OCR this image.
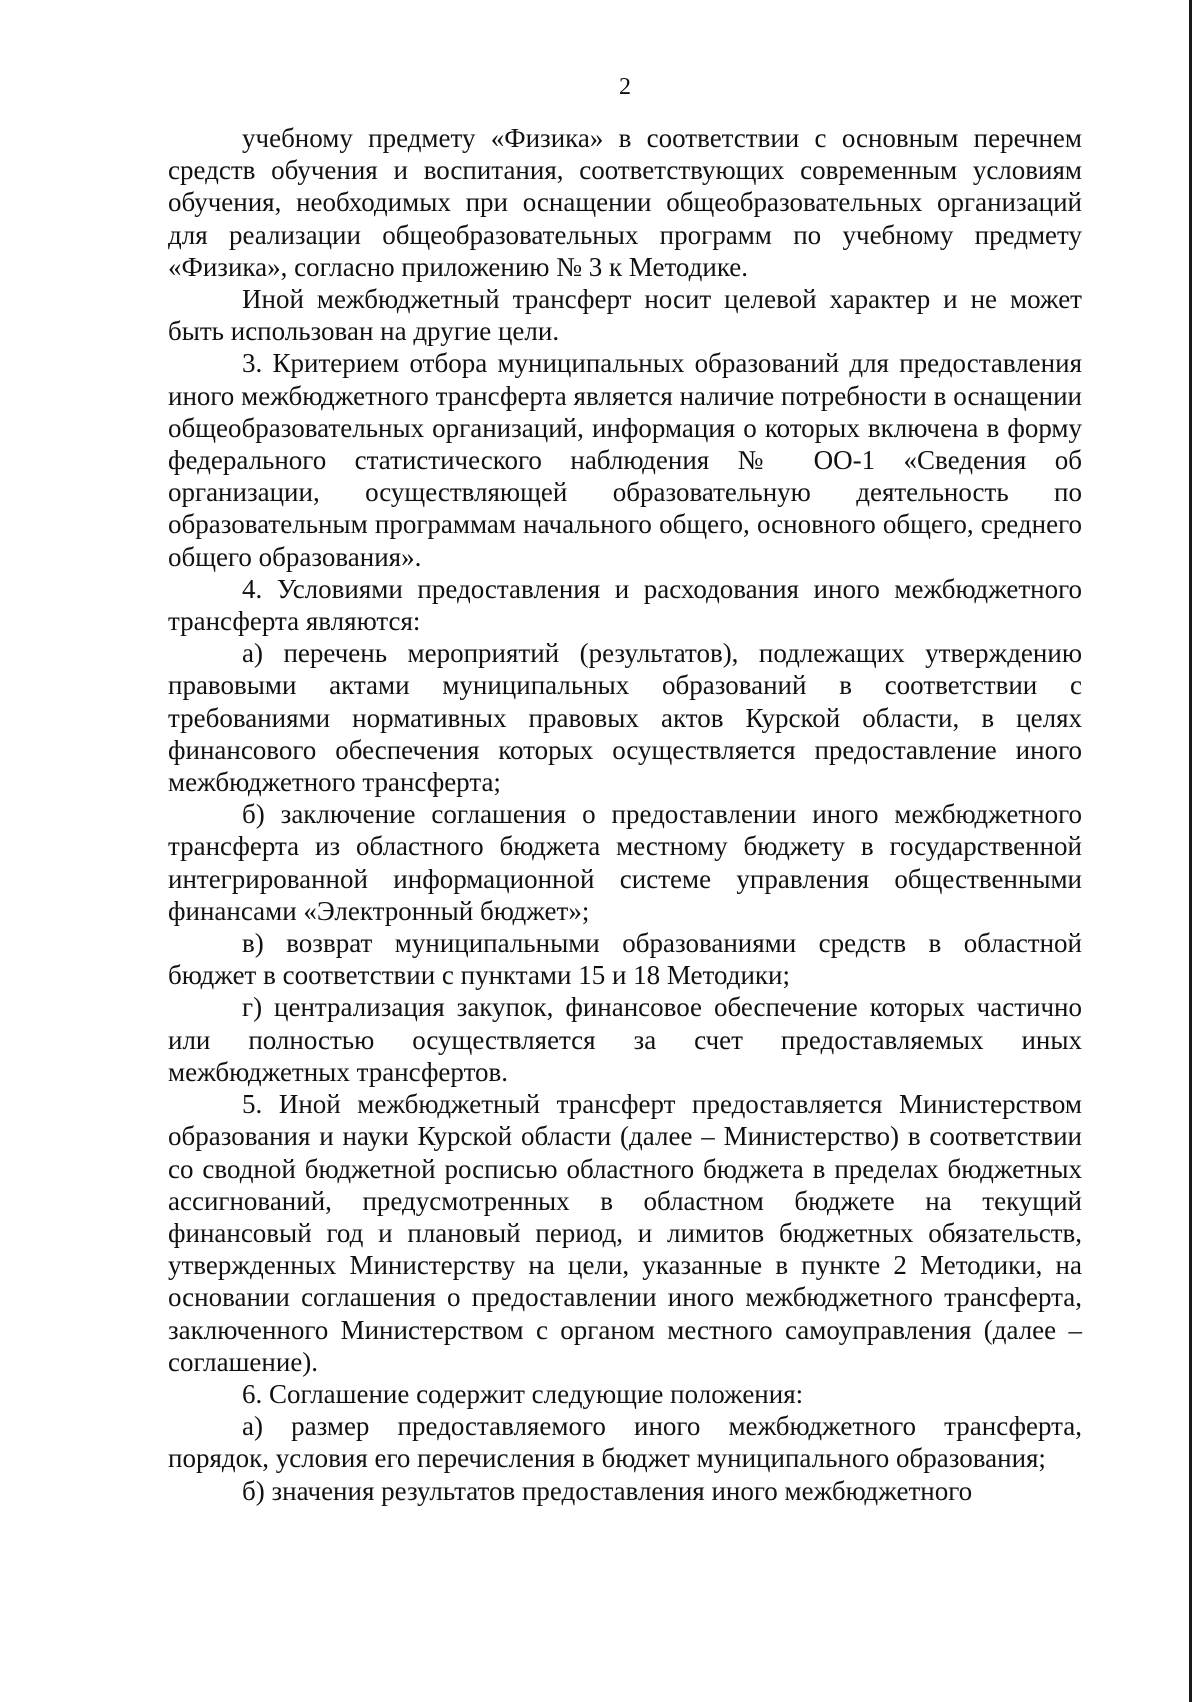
2

учебному предмету «Физика» в соответствии с основным перечнем средств обучения и воспитания, соответствующих современным условиям обучения, необходимых при оснащении общеобразовательных организаций для реализации общеобразовательных программ по учебному предмету «Физика», согласно приложению № 3 к Методике.

Иной межбюджетный трансферт носит целевой характер и не может быть использован на другие цели.

3. Критерием отбора муниципальных образований для предоставления иного межбюджетного трансферта является наличие потребности в оснащении общеобразовательных организаций, информация о которых включена в форму федерального статистического наблюдения № ОО-1 «Сведения об организации, осуществляющей образовательную деятельность по образовательным программам начального общего, основного общего, среднего общего образования».

4. Условиями предоставления и расходования иного межбюджетного трансферта являются:

а) перечень мероприятий (результатов), подлежащих утверждению правовыми актами муниципальных образований в соответствии с требованиями нормативных правовых актов Курской области, в целях финансового обеспечения которых осуществляется предоставление иного межбюджетного трансферта;

б) заключение соглашения о предоставлении иного межбюджетного трансферта из областного бюджета местному бюджету в государственной интегрированной информационной системе управления общественными финансами «Электронный бюджет»;

в) возврат муниципальными образованиями средств в областной бюджет в соответствии с пунктами 15 и 18 Методики;

г) централизация закупок, финансовое обеспечение которых частично или полностью осуществляется за счет предоставляемых иных межбюджетных трансфертов.

5. Иной межбюджетный трансферт предоставляется Министерством образования и науки Курской области (далее – Министерство) в соответствии со сводной бюджетной росписью областного бюджета в пределах бюджетных ассигнований, предусмотренных в областном бюджете на текущий финансовый год и плановый период, и лимитов бюджетных обязательств, утвержденных Министерству на цели, указанные в пункте 2 Методики, на основании соглашения о предоставлении иного межбюджетного трансферта, заключенного Министерством с органом местного самоуправления (далее – соглашение).

6. Соглашение содержит следующие положения:

а) размер предоставляемого иного межбюджетного трансферта, порядок, условия его перечисления в бюджет муниципального образования;

б) значения результатов предоставления иного межбюджетного
